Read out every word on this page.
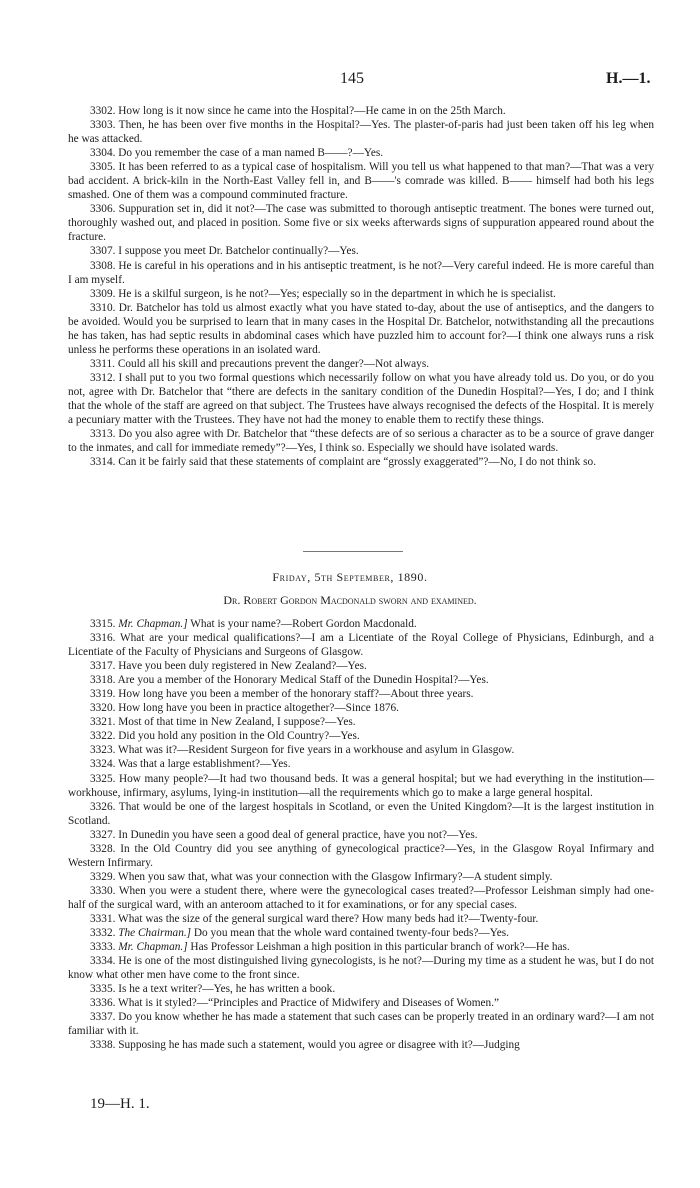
145	H.—1.

3302. How long is it now since he came into the Hospital?—He came in on the 25th March.

3303. Then, he has been over five months in the Hospital?—Yes. The plaster-of-paris had just been taken off his leg when he was attacked.

3304. Do you remember the case of a man named B——?—Yes.

3305. It has been referred to as a typical case of hospitalism. Will you tell us what happened to that man?—That was a very bad accident. A brick-kiln in the North-East Valley fell in, and B——'s comrade was killed. B—— himself had both his legs smashed. One of them was a compound comminuted fracture.

3306. Suppuration set in, did it not?—The case was submitted to thorough antiseptic treatment. The bones were turned out, thoroughly washed out, and placed in position. Some five or six weeks afterwards signs of suppuration appeared round about the fracture.

3307. I suppose you meet Dr. Batchelor continually?—Yes.

3308. He is careful in his operations and in his antiseptic treatment, is he not?—Very careful indeed. He is more careful than I am myself.

3309. He is a skilful surgeon, is he not?—Yes; especially so in the department in which he is specialist.

3310. Dr. Batchelor has told us almost exactly what you have stated to-day, about the use of antiseptics, and the dangers to be avoided. Would you be surprised to learn that in many cases in the Hospital Dr. Batchelor, notwithstanding all the precautions he has taken, has had septic results in abdominal cases which have puzzled him to account for?—I think one always runs a risk unless he performs these operations in an isolated ward.

3311. Could all his skill and precautions prevent the danger?—Not always.

3312. I shall put to you two formal questions which necessarily follow on what you have already told us. Do you, or do you not, agree with Dr. Batchelor that “there are defects in the sanitary condition of the Dunedin Hospital?—Yes, I do; and I think that the whole of the staff are agreed on that subject. The Trustees have always recognised the defects of the Hospital. It is merely a pecuniary matter with the Trustees. They have not had the money to enable them to rectify these things.

3313. Do you also agree with Dr. Batchelor that “these defects are of so serious a character as to be a source of grave danger to the inmates, and call for immediate remedy”?—Yes, I think so. Especially we should have isolated wards.

3314. Can it be fairly said that these statements of complaint are “grossly exaggerated”?—No, I do not think so.

Friday, 5th September, 1890.
Dr. Robert Gordon Macdonald sworn and examined.

3315. Mr. Chapman.] What is your name?—Robert Gordon Macdonald.

3316. What are your medical qualifications?—I am a Licentiate of the Royal College of Physicians, Edinburgh, and a Licentiate of the Faculty of Physicians and Surgeons of Glasgow.

3317. Have you been duly registered in New Zealand?—Yes.

3318. Are you a member of the Honorary Medical Staff of the Dunedin Hospital?—Yes.

3319. How long have you been a member of the honorary staff?—About three years.

3320. How long have you been in practice altogether?—Since 1876.

3321. Most of that time in New Zealand, I suppose?—Yes.

3322. Did you hold any position in the Old Country?—Yes.

3323. What was it?—Resident Surgeon for five years in a workhouse and asylum in Glasgow.

3324. Was that a large establishment?—Yes.

3325. How many people?—It had two thousand beds. It was a general hospital; but we had everything in the institution—workhouse, infirmary, asylums, lying-in institution—all the requirements which go to make a large general hospital.

3326. That would be one of the largest hospitals in Scotland, or even the United Kingdom?—It is the largest institution in Scotland.

3327. In Dunedin you have seen a good deal of general practice, have you not?—Yes.

3328. In the Old Country did you see anything of gynecological practice?—Yes, in the Glasgow Royal Infirmary and Western Infirmary.

3329. When you saw that, what was your connection with the Glasgow Infirmary?—A student simply.

3330. When you were a student there, where were the gynecological cases treated?—Professor Leishman simply had one-half of the surgical ward, with an anteroom attached to it for examinations, or for any special cases.

3331. What was the size of the general surgical ward there? How many beds had it?—Twenty-four.

3332. The Chairman.] Do you mean that the whole ward contained twenty-four beds?—Yes.

3333. Mr. Chapman.] Has Professor Leishman a high position in this particular branch of work?—He has.

3334. He is one of the most distinguished living gynecologists, is he not?—During my time as a student he was, but I do not know what other men have come to the front since.

3335. Is he a text writer?—Yes, he has written a book.

3336. What is it styled?—“Principles and Practice of Midwifery and Diseases of Women.”

3337. Do you know whether he has made a statement that such cases can be properly treated in an ordinary ward?—I am not familiar with it.

3338. Supposing he has made such a statement, would you agree or disagree with it?—Judging

19—H. 1.
